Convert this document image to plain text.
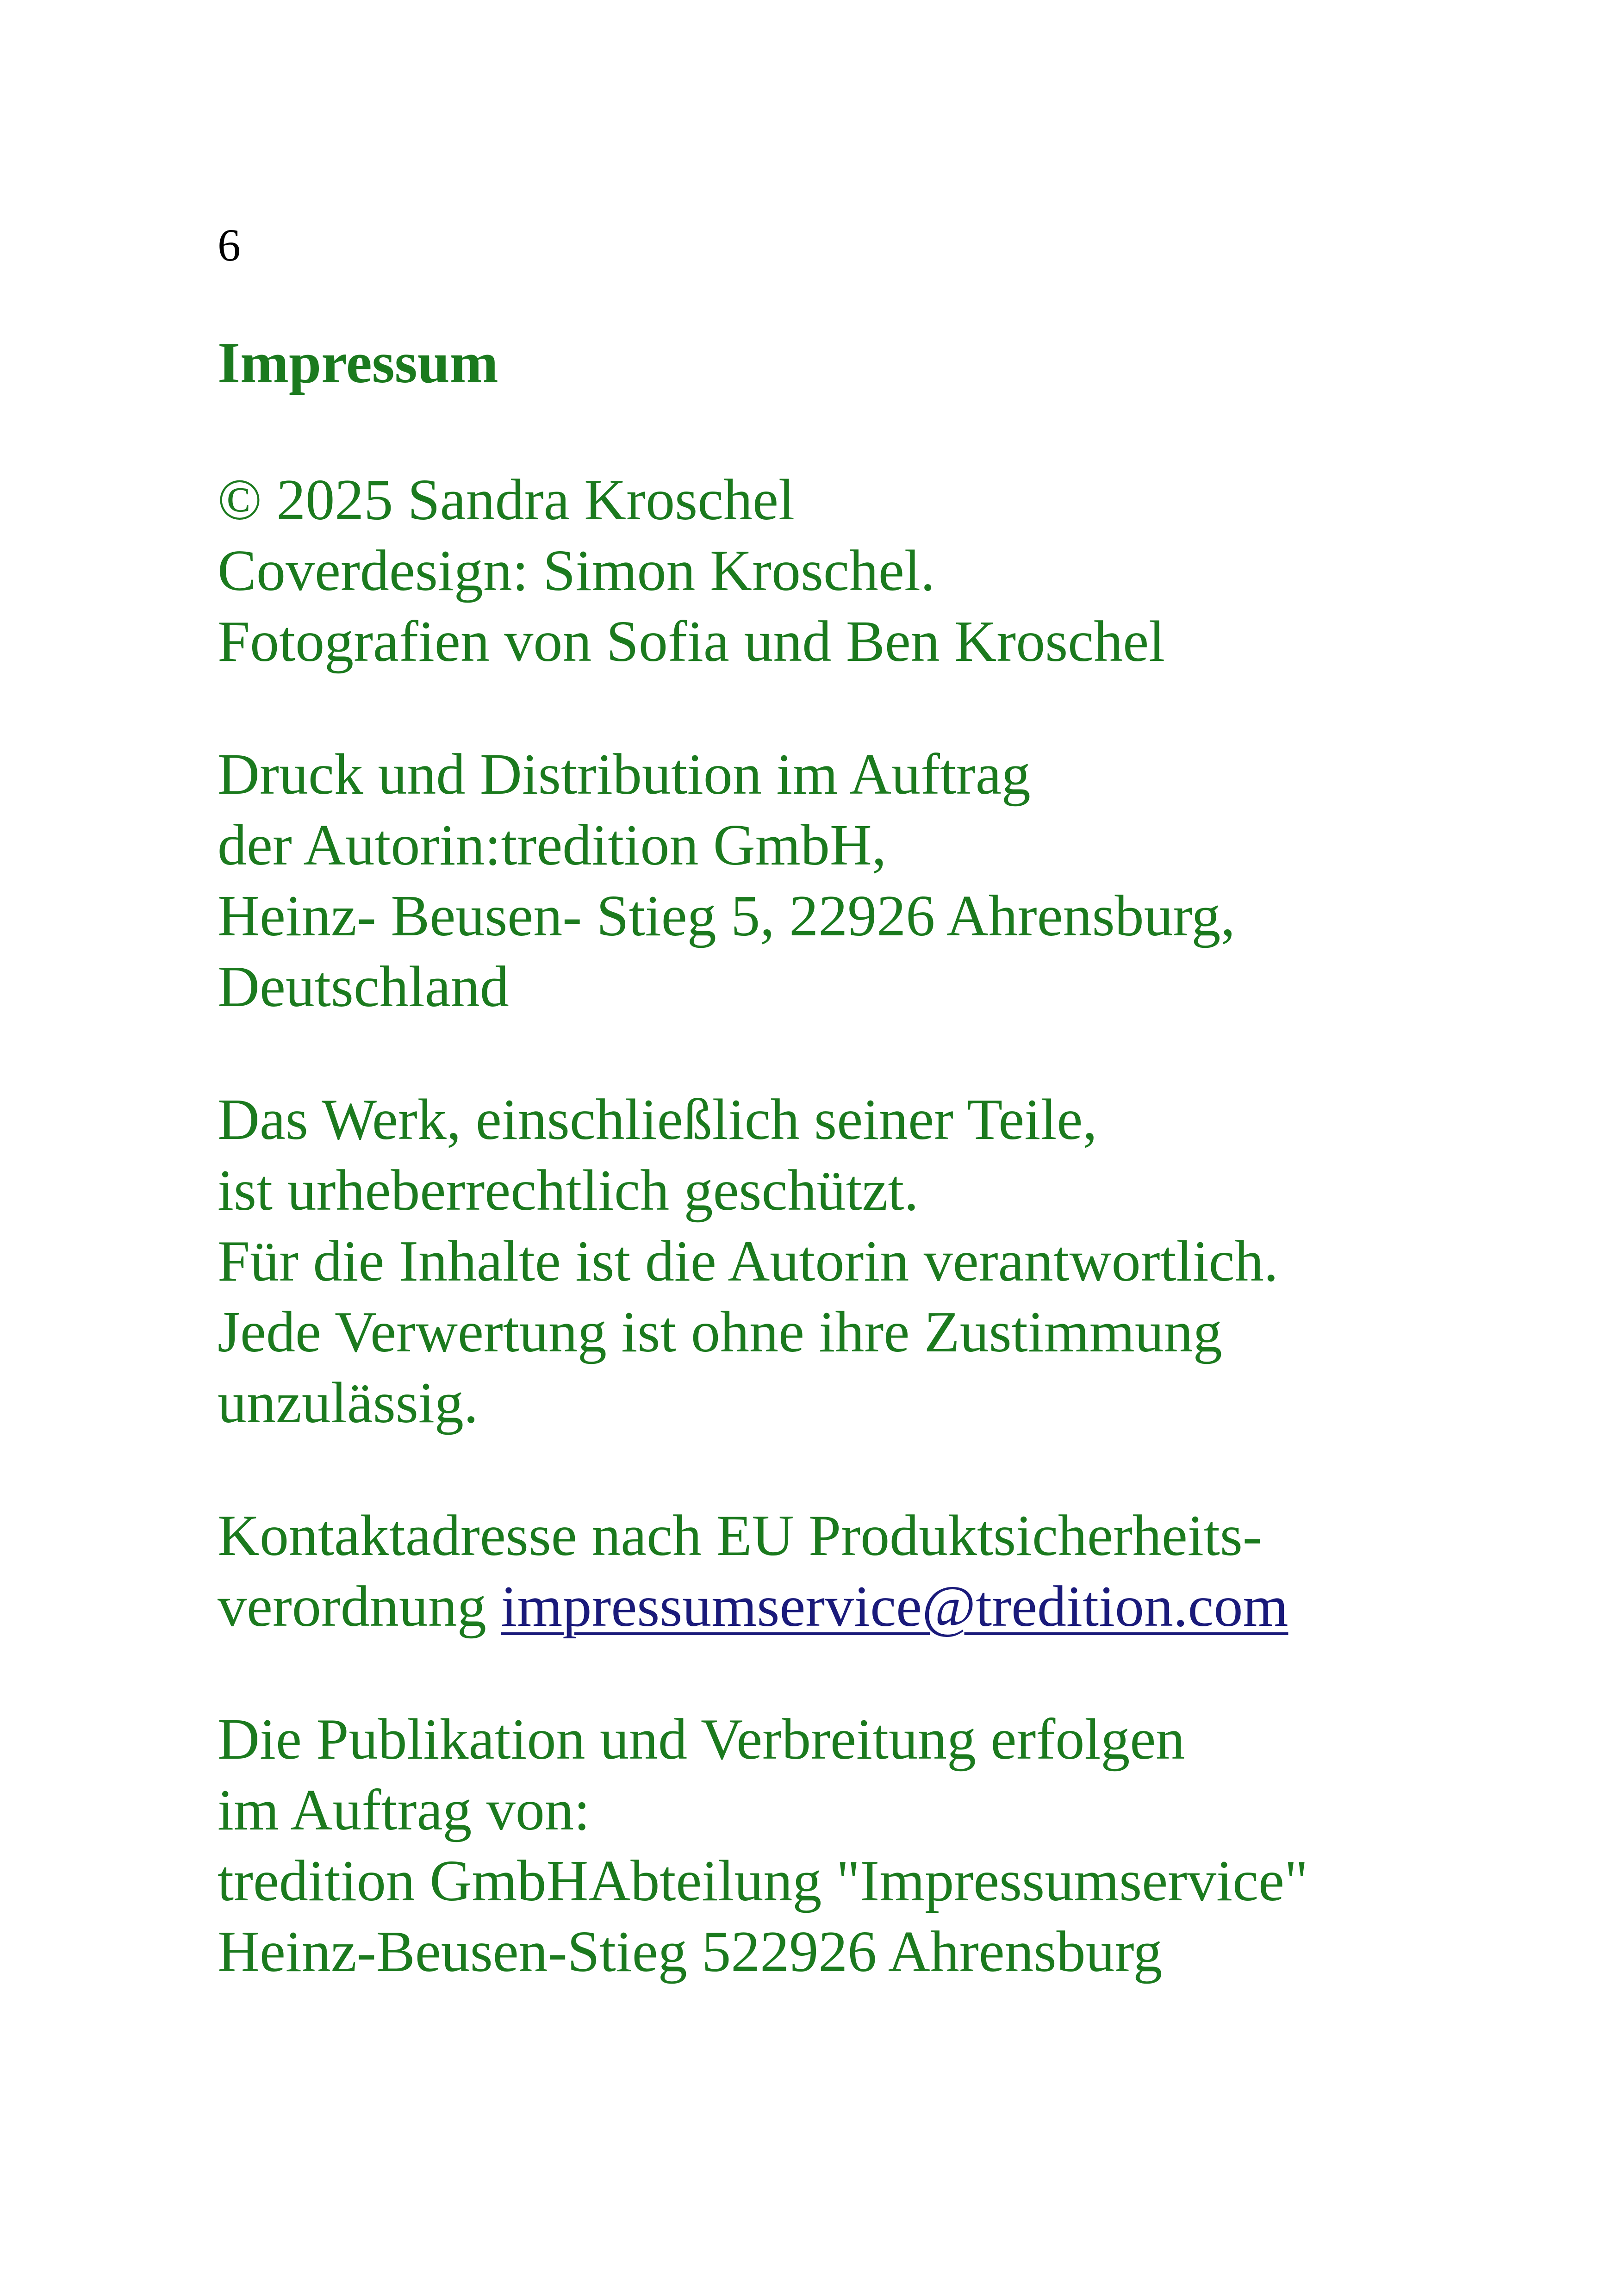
6
Impressum
© 2025 Sandra Kroschel
Coverdesign: Simon Kroschel.
Fotografien von Sofia und Ben Kroschel
Druck und Distribution im Auftrag
der Autorin:tredition GmbH,
Heinz- Beusen- Stieg 5, 22926 Ahrensburg,
Deutschland
Das Werk, einschließlich seiner Teile,
ist urheberrechtlich geschützt.
Für die Inhalte ist die Autorin verantwortlich.
Jede Verwertung ist ohne ihre Zustimmung
unzulässig.
Kontaktadresse nach EU Produktsicherheits-
verordnung impressumservice@tredition.com
Die Publikation und Verbreitung erfolgen
im Auftrag von:
tredition GmbHAbteilung "Impressumservice"
Heinz-Beusen-Stieg 522926 Ahrensburg
